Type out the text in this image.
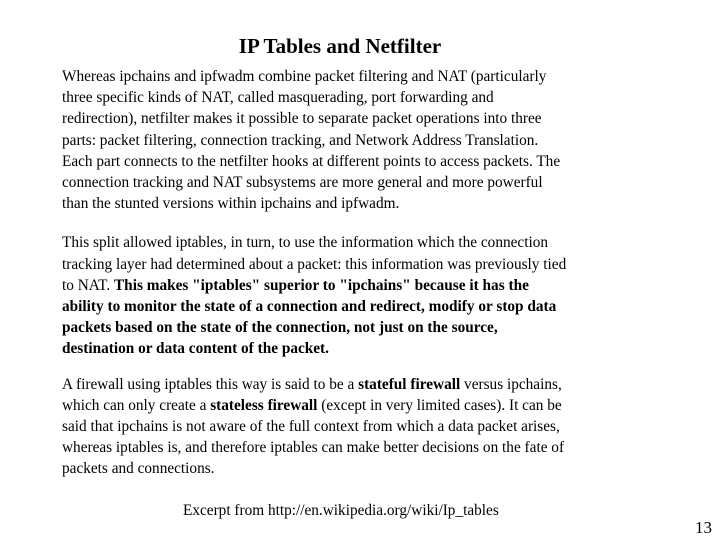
IP Tables and Netfilter

Whereas ipchains and ipfwadm combine packet filtering and NAT (particularly
three specific kinds of NAT, called masquerading, port forwarding and
redirection), netfilter makes it possible to separate packet operations into three
parts: packet filtering, connection tracking, and Network Address Translation.
Each part connects to the netfilter hooks at different points to access packets. The
connection tracking and NAT subsystems are more general and more powerful
than the stunted versions within ipchains and ipfwadm.

This split allowed iptables, in turn, to use the information which the connection
tracking layer had determined about a packet: this information was previously tied
to NAT. This makes "iptables" superior to "ipchains" because it has the
ability to monitor the state of a connection and redirect, modify or stop data
packets based on the state of the connection, not just on the source,
destination or data content of the packet.

A firewall using iptables this way is said to be a stateful firewall versus ipchains,
which can only create a stateless firewall (except in very limited cases). It can be
said that ipchains is not aware of the full context from which a data packet arises,
whereas iptables is, and therefore iptables can make better decisions on the fate of
packets and connections.

Excerpt from http://en.wikipedia.org/wiki/Ip_tables
13
